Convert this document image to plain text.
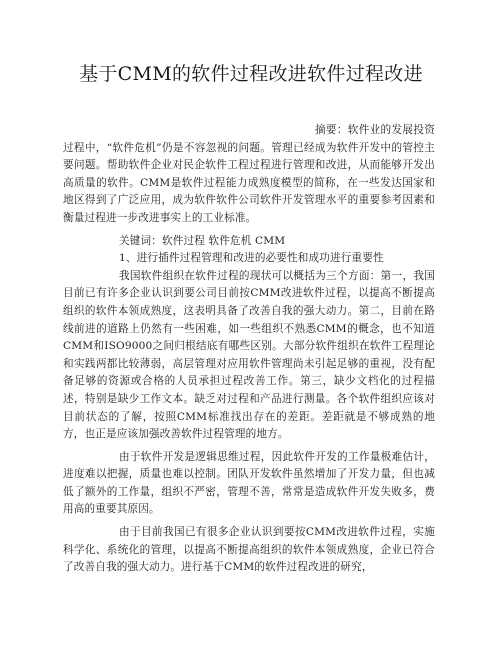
基于CMM的软件过程改进软件过程改进

摘要：软件业的发展投资过程中，“软件危机”仍是不容忽视的问题。管理已经成为软件开发中的管控主要问题。帮助软件企业对民企软件工程过程进行管理和改进，从而能够开发出高质量的软件。CMM是软件过程能力成熟度模型的简称，在一些发达国家和地区得到了广泛应用，成为软件软件公司软件开发管理水平的重要参考因素和衡量过程进一步改进事实上的工业标准。

关键词：软件过程 软件危机 CMM

1、进行插件过程管理和改进的必要性和成功进行重要性

我国软件组织在软件过程的现状可以概括为三个方面：第一，我国目前已有许多企业认识到要公司目前按CMM改进软件过程，以提高不断提高组织的软件本领成熟度，这表明具备了改善自我的强大动力。第二，目前在路线前进的道路上仍然有一些困难，如一些组织不熟悉CMM的概念，也不知道CMM和ISO9000之间归根结底有哪些区别。大部分软件组织在软件工程理论和实践两都比较薄弱，高层管理对应用软件管理尚未引起足够的重视，没有配备足够的资源或合格的人员承担过程改善工作。第三，缺少文档化的过程描述，特别是缺少工作文本。缺乏对过程和产品进行测量。各个软件组织应该对目前状态的了解，按照CMM标准找出存在的差距。差距就是不够成熟的地方，也正是应该加强改善软件过程管理的地方。

由于软件开发是逻辑思维过程，因此软件开发的工作量极难估计，进度难以把握，质量也难以控制。团队开发软件虽然增加了开发力量，但也减低了额外的工作量，组织不严密，管理不善，常常是造成软件开发失败多，费用高的重要其原因。

由于目前我国已有很多企业认识到要按CMM改进软件过程，实施科学化、系统化的管理，以提高不断提高组织的软件本领成熟度，企业已符合了改善自我的强大动力。进行基于CMM的软件过程改进的研究，
